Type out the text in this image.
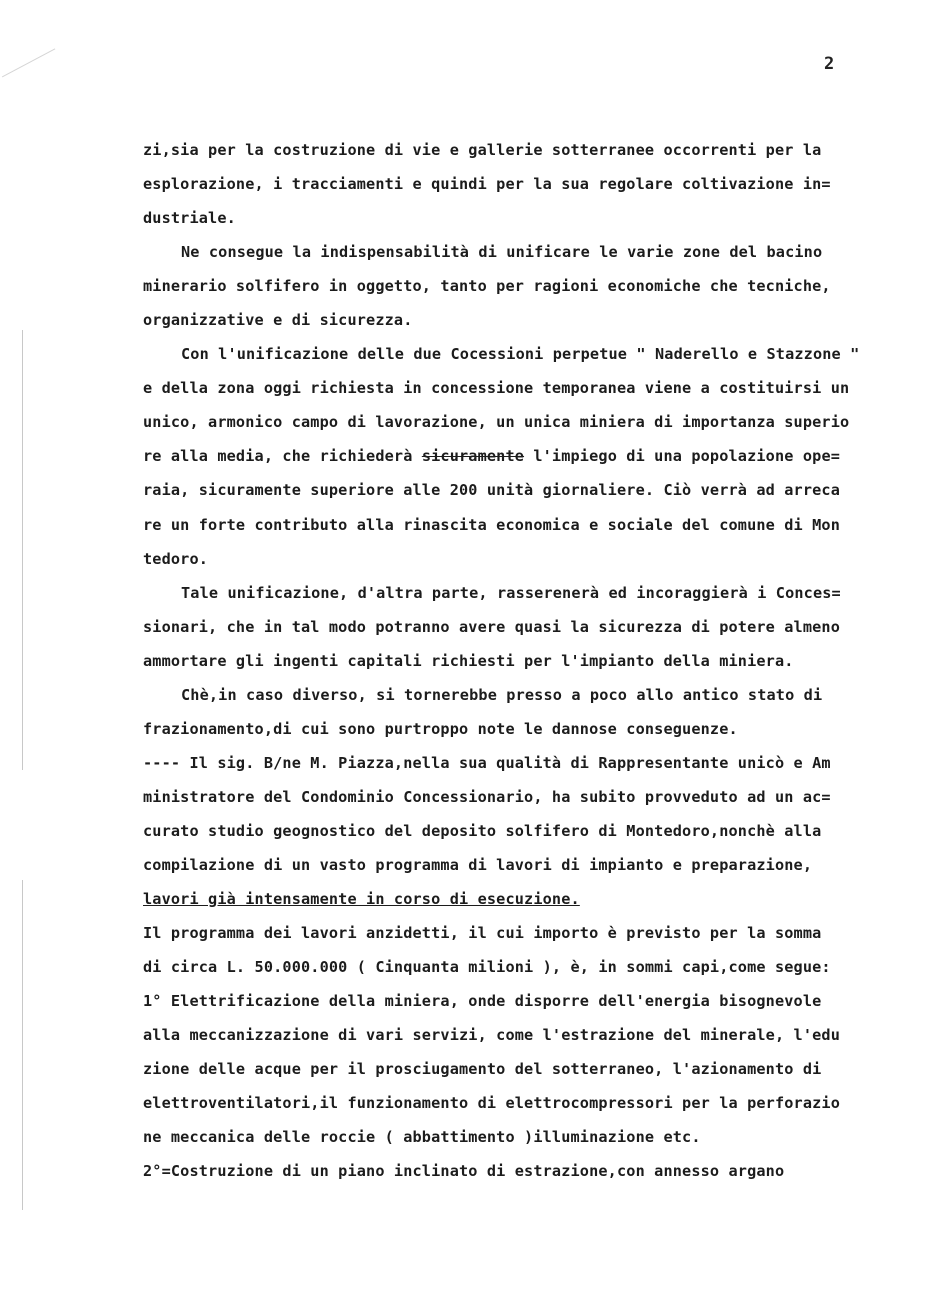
2
zi,sia per la costruzione di vie e gallerie sotterranee occorrenti per la
esplorazione, i tracciamenti e quindi per la sua regolare coltivazione in=
dustriale.
Ne consegue la indispensabilità di unificare le varie zone del bacino
minerario solfifero in oggetto, tanto per ragioni economiche che tecniche,
organizzative e di sicurezza.
Con l'unificazione delle due Cocessioni perpetue " Naderello e Stazzone "
e della zona oggi richiesta in concessione temporanea viene a costituirsi un
unico, armonico campo di lavorazione, un unica miniera di importanza superio
re alla media, che richiederà sicuramente l'impiego di una popolazione ope=
raia, sicuramente superiore alle 200 unità giornaliere. Ciò verrà ad arreca
re un forte contributo alla rinascita economica e sociale del comune di Mon
tedoro.
Tale unificazione, d'altra parte, rasserenerà ed incoraggierà i Conces=
sionari, che in tal modo potranno avere quasi la sicurezza di potere almeno
ammortare gli ingenti capitali richiesti per l'impianto della miniera.
Chè,in caso diverso, si tornerebbe presso a poco allo antico stato di
frazionamento,di cui sono purtroppo note le dannose conseguenze.
---- Il sig. B/ne M. Piazza,nella sua qualità di Rappresentante unicò e Am
ministratore del Condominio Concessionario, ha subito provveduto ad un ac=
curato studio geognostico del deposito solfifero di Montedoro,nonchè alla
compilazione di un vasto programma di lavori di impianto e preparazione,
lavori già intensamente in corso di esecuzione.
Il programma dei lavori anzidetti, il cui importo è previsto per la somma
di circa L. 50.000.000 ( Cinquanta milioni ), è, in sommi capi,come segue:
1° Elettrificazione della miniera, onde disporre dell'energia bisognevole
alla meccanizzazione di vari servizi, come l'estrazione del minerale, l'edu
zione delle acque per il prosciugamento del sotterraneo, l'azionamento di
elettroventilatori,il funzionamento di elettrocompressori per la perforazio
ne meccanica delle roccie ( abbattimento )illuminazione etc.
2°=Costruzione di un piano inclinato di estrazione,con annesso argano
